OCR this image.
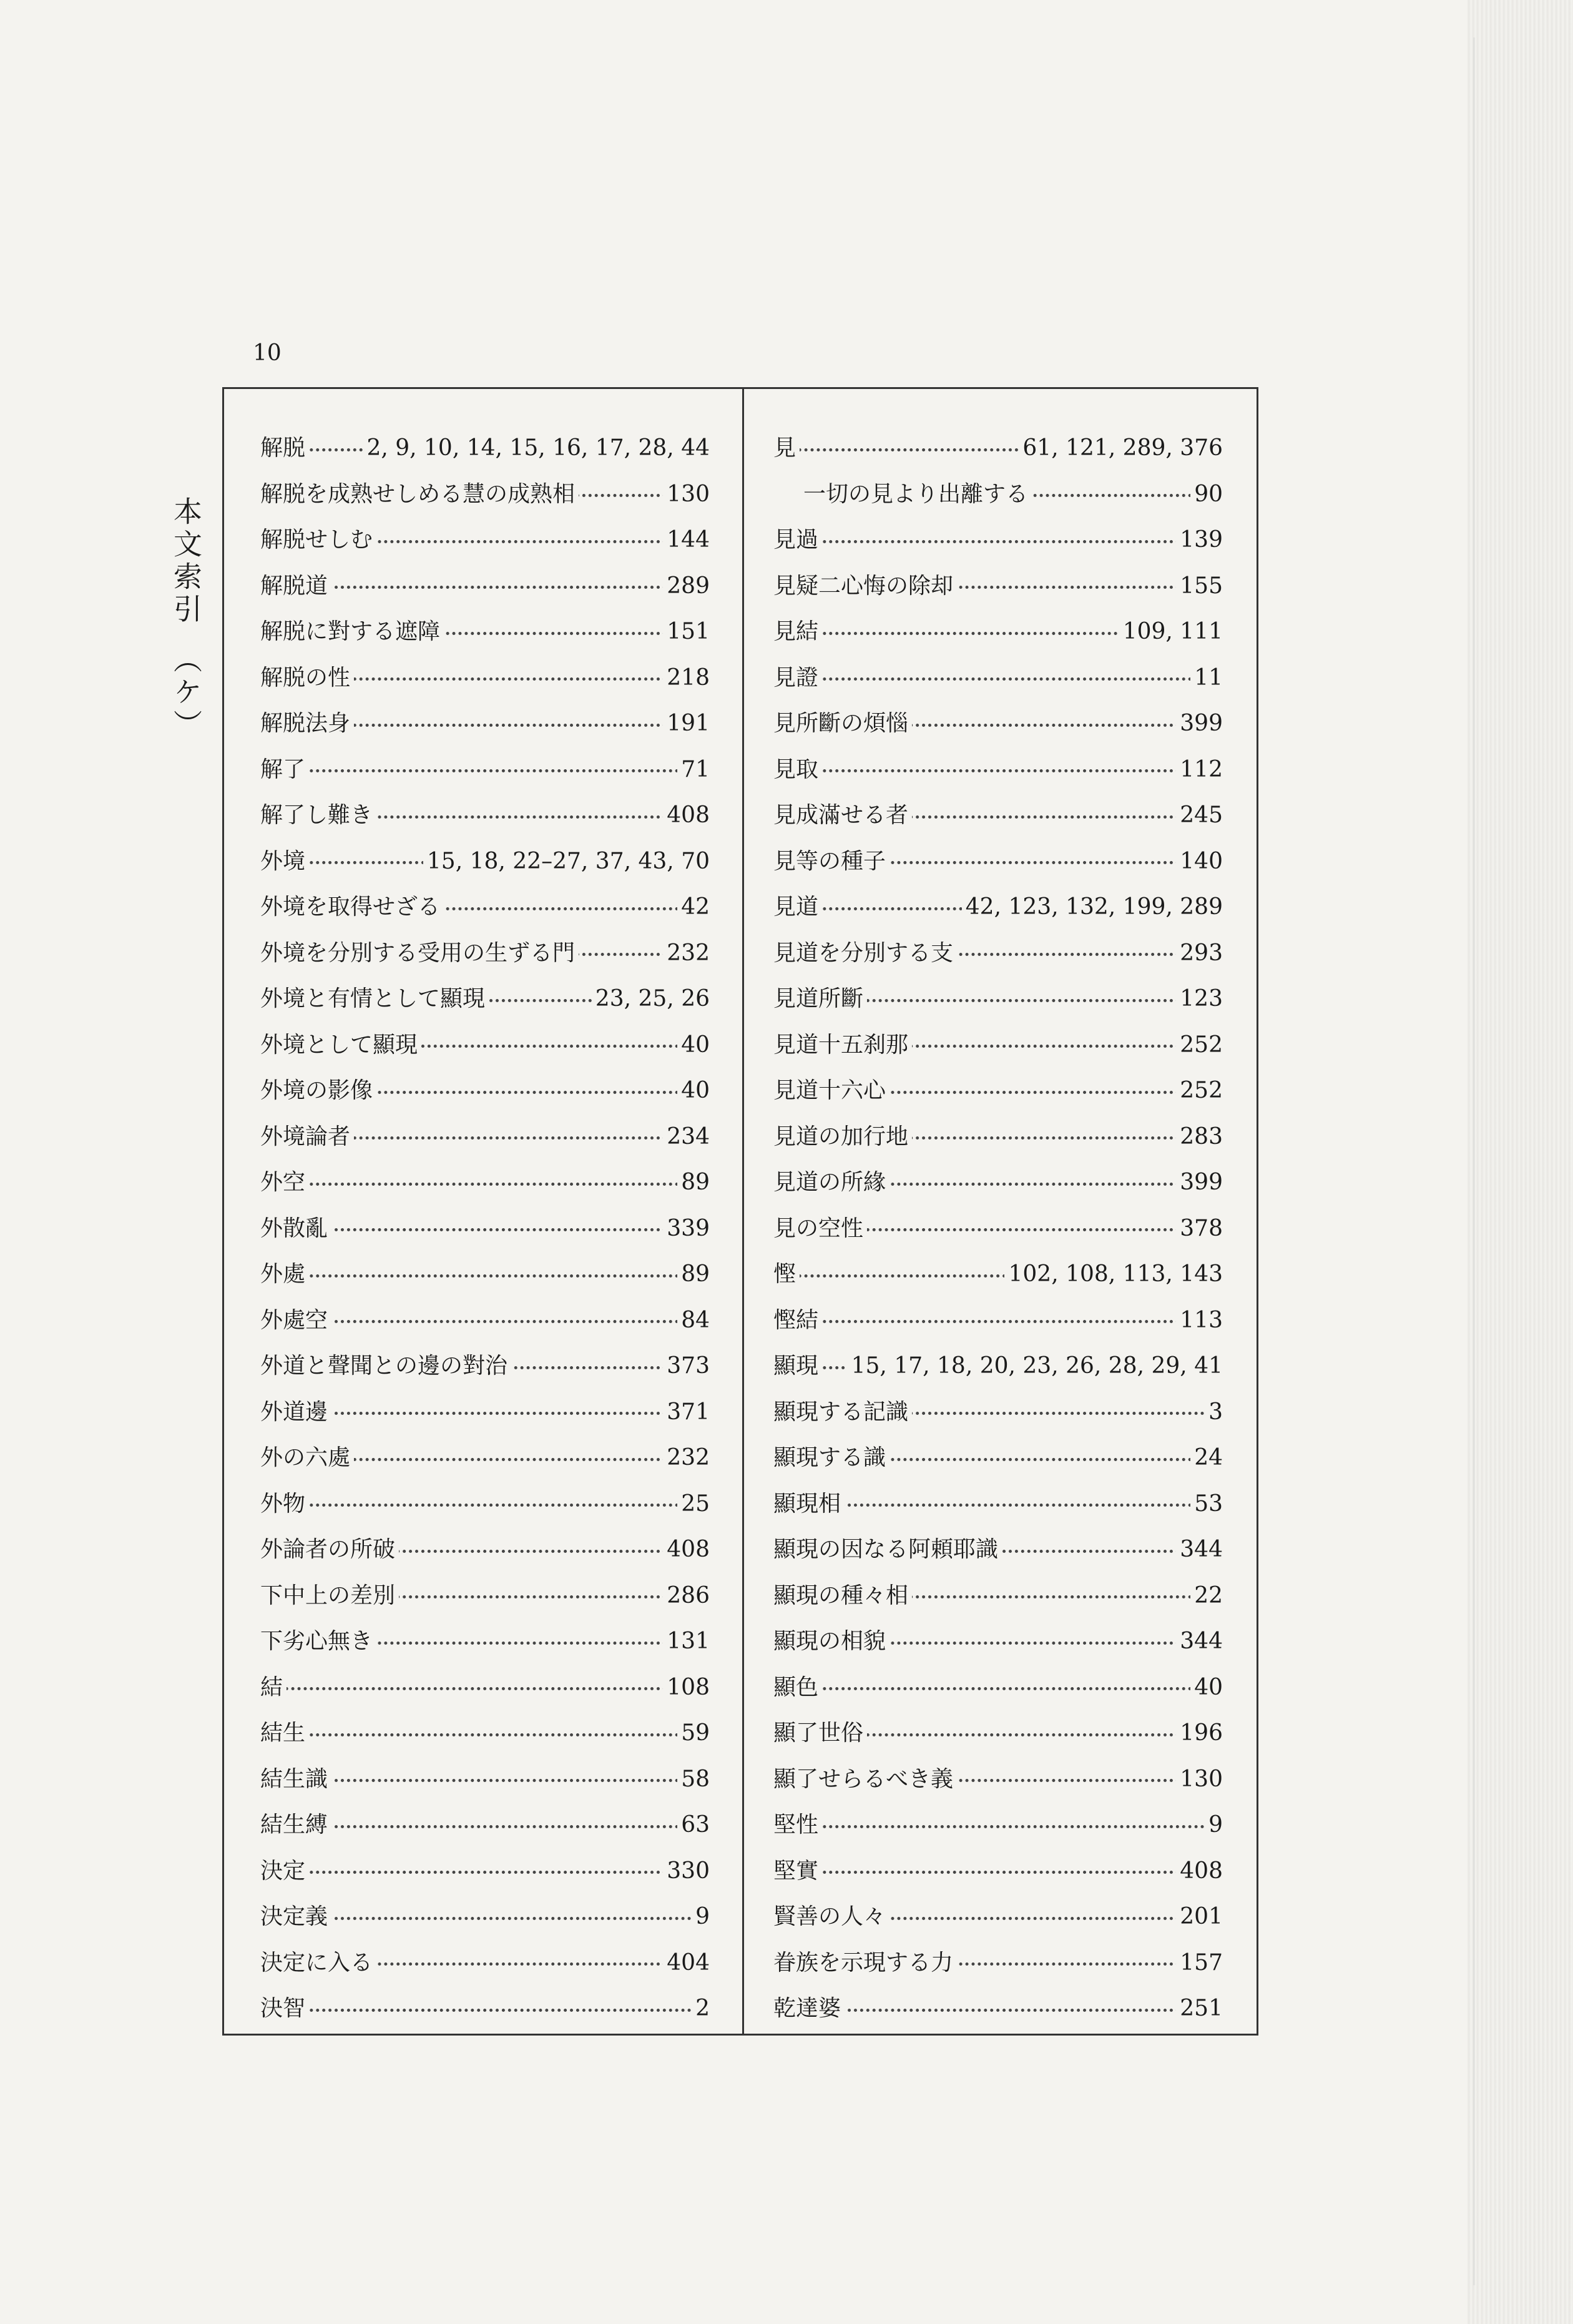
10
本文索引　（ケ）
解脱	2, 9, 10, 14, 15, 16, 17, 28, 44
解脱を成熟せしめる慧の成熟相	130
解脱せしむ	144
解脱道	289
解脱に對する遮障	151
解脱の性	218
解脱法身	191
解了	71
解了し難き	408
外境	15, 18, 22–27, 37, 43, 70
外境を取得せざる	42
外境を分別する受用の生ずる門	232
外境と有情として顯現	23, 25, 26
外境として顯現	40
外境の影像	40
外境論者	234
外空	89
外散亂	339
外處	89
外處空	84
外道と聲聞との邊の對治	373
外道邊	371
外の六處	232
外物	25
外論者の所破	408
下中上の差別	286
下劣心無き	131
結	108
結生	59
結生識	58
結生縛	63
決定	330
決定義	9
決定に入る	404
決智	2
見	61, 121, 289, 376
一切の見より出離する	90
見過	139
見疑二心悔の除却	155
見結	109, 111
見證	11
見所斷の煩惱	399
見取	112
見成滿せる者	245
見等の種子	140
見道	42, 123, 132, 199, 289
見道を分別する支	293
見道所斷	123
見道十五刹那	252
見道十六心	252
見道の加行地	283
見道の所緣	399
見の空性	378
慳	102, 108, 113, 143
慳結	113
顯現 15, 17, 18, 20, 23, 26, 28, 29, 41
顯現する記識	3
顯現する識	24
顯現相	53
顯現の因なる阿頼耶識	344
顯現の種々相	22
顯現の相貌	344
顯色	40
顯了世俗	196
顯了せらるべき義	130
堅性	9
堅實	408
賢善の人々	201
眷族を示現する力	157
乾達婆	251
